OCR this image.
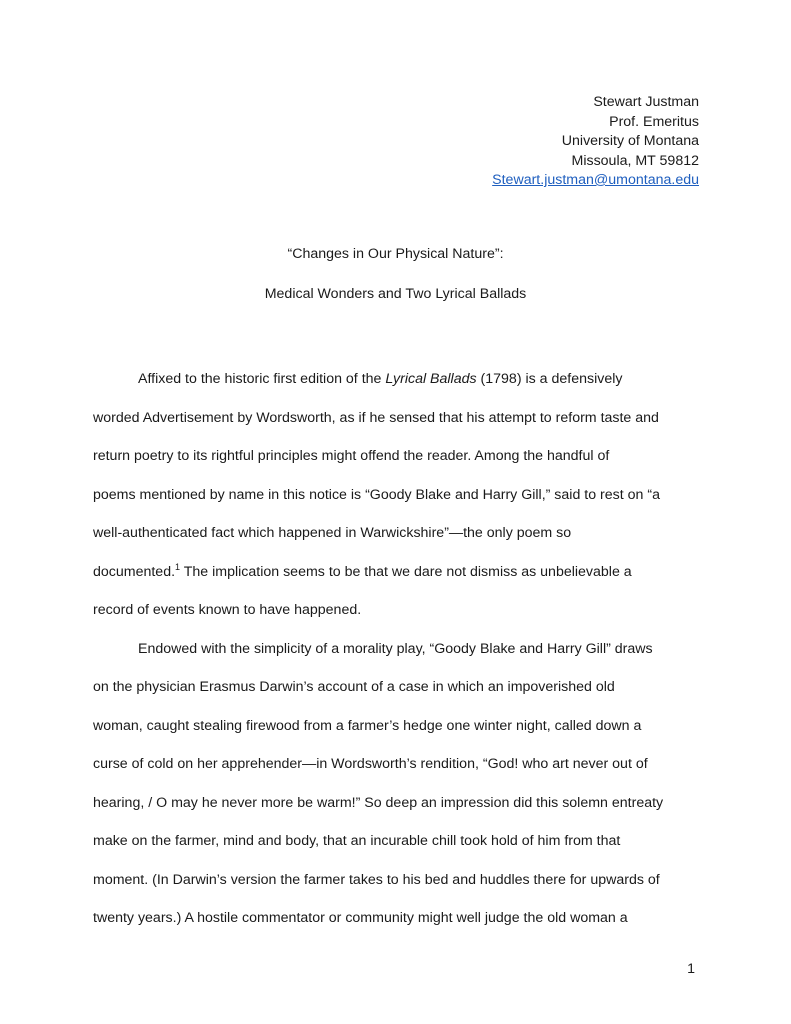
Stewart Justman
Prof. Emeritus
University of Montana
Missoula, MT 59812
Stewart.justman@umontana.edu
“Changes in Our Physical Nature”:
Medical Wonders and Two Lyrical Ballads
Affixed to the historic first edition of the Lyrical Ballads (1798) is a defensively
worded Advertisement by Wordsworth, as if he sensed that his attempt to reform taste and
return poetry to its rightful principles might offend the reader. Among the handful of
poems mentioned by name in this notice is “Goody Blake and Harry Gill,” said to rest on “a
well-authenticated fact which happened in Warwickshire”—the only poem so
documented.$^1$ The implication seems to be that we dare not dismiss as unbelievable a
record of events known to have happened.
Endowed with the simplicity of a morality play, “Goody Blake and Harry Gill” draws
on the physician Erasmus Darwin’s account of a case in which an impoverished old
woman, caught stealing firewood from a farmer’s hedge one winter night, called down a
curse of cold on her apprehender—in Wordsworth’s rendition, “God! who art never out of
hearing, / O may he never more be warm!” So deep an impression did this solemn entreaty
make on the farmer, mind and body, that an incurable chill took hold of him from that
moment. (In Darwin’s version the farmer takes to his bed and huddles there for upwards of
twenty years.) A hostile commentator or community might well judge the old woman a
1
